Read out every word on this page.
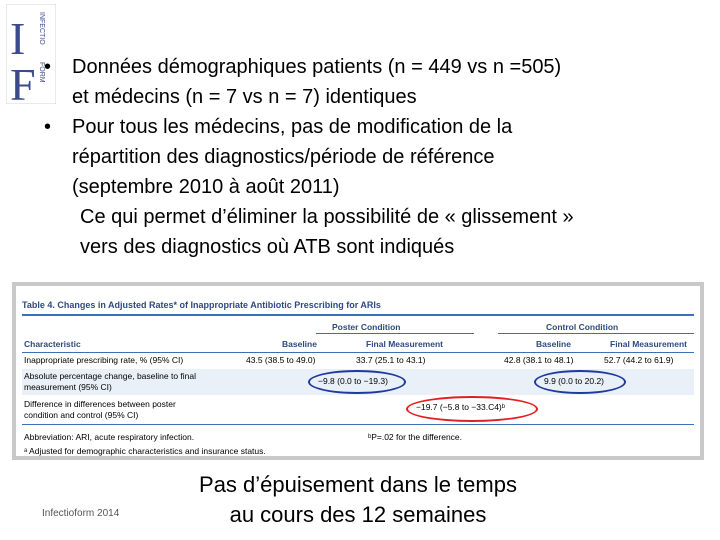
I
F
INFECTIO
FORM • Données démographiques patients (n = 449 vs n =505)
et médecins (n = 7 vs n = 7) identiques
• Pour tous les médecins, pas de modification de la
répartition des diagnostics/période de référence
(septembre 2010 à août 2011)
Ce qui permet d’éliminer la possibilité de « glissement »
vers des diagnostics où ATB sont indiqués
Table 4. Changes in Adjusted Rates* of Inappropriate Antibiotic Prescribing for ARIs
Poster Condition	Control Condition
Characteristic	Baseline	Final Measurement	Baseline	Final Measurement
Inappropriate prescribing rate, % (95% CI)	43.5 (38.5 to 49.0)	33.7 (25.1 to 43.1)	42.8 (38.1 to 48.1)	52.7 (44.2 to 61.9)
Absolute percentage change, baseline to final
measurement (95% CI)
−9.8 (0.0 to −19.3)	9.9 (0.0 to 20.2)
Difference in differences between poster
condition and control (95% CI)
−19.7 (−5.8 to −33.C4)ᵇ
Abbreviation: ARI, acute respiratory infection.	ᵇP=.02 for the difference.
ᵃ Adjusted for demographic characteristics and insurance status.
Infectioform 2014
Pas d’épuisement dans le temps
au cours des 12 semaines
